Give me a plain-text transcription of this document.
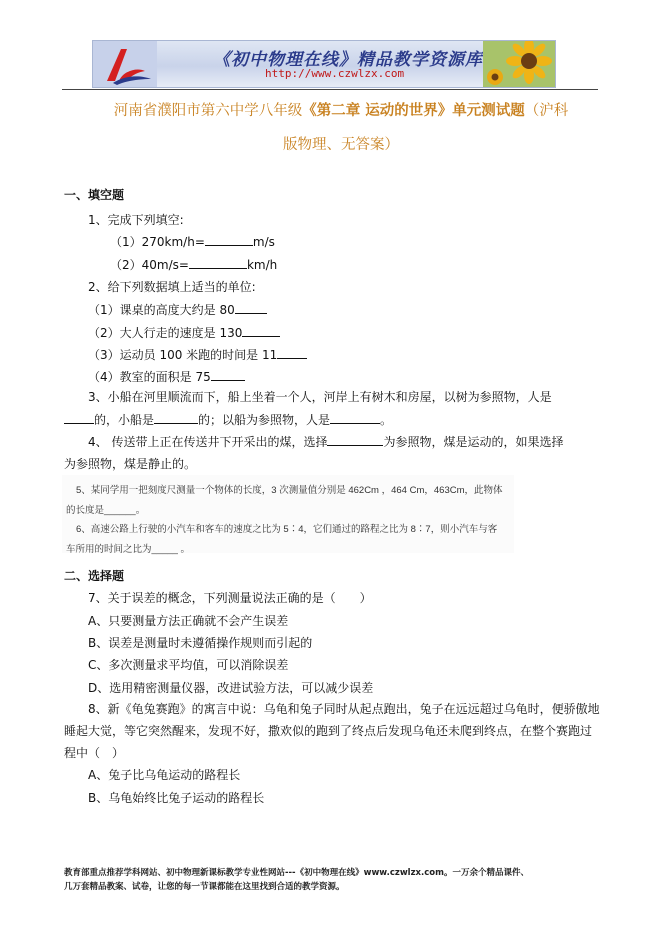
《初中物理在线》精品教学资源库
http://www.czwlzx.com
河南省濮阳市第六中学八年级《第二章 运动的世界》单元测试题（沪科
版物理、无答案）
一、填空题
1、完成下列填空:
（1）270km/h=	m/s
（2）40m/s=	km/h
2、给下列数据填上适当的单位:
（1）课桌的高度大约是 80
（2）大人行走的速度是 130
（3）运动员 100 米跑的时间是 11
（4）教室的面积是 75
3、小船在河里顺流而下，船上坐着一个人，河岸上有树木和房屋，以树为参照物，人是
的，小船是	的；以船为参照物，人是	。
4、 传送带上正在传送井下开采出的煤，选择	为参照物，煤是运动的，如果选择
为参照物，煤是静止的。
5、某同学用一把刻度尺测量一个物体的长度，3 次测量值分别是 462Cm ，464 Cm，463Cm，此物体
的长度是______。
6、高速公路上行驶的小汽车和客车的速度之比为 5∶4，它们通过的路程之比为 8∶7，则小汽车与客
车所用的时间之比为_____ 。
二、选择题
7、关于误差的概念，下列测量说法正确的是（　　）
A、只要测量方法正确就不会产生误差
B、误差是测量时未遵循操作规则而引起的
C、多次测量求平均值，可以消除误差
D、选用精密测量仪器，改进试验方法，可以减少误差
8、新《龟兔赛跑》的寓言中说：乌龟和兔子同时从起点跑出，兔子在远远超过乌龟时，便骄傲地
睡起大觉，等它突然醒来，发现不好，撒欢似的跑到了终点后发现乌龟还未爬到终点，在整个赛跑过
程中（　）
A、兔子比乌龟运动的路程长
B、乌龟始终比兔子运动的路程长
教育部重点推荐学科网站、初中物理新课标教学专业性网站---《初中物理在线》www.czwlzx.com。一万余个精品课件、
几万套精品教案、试卷，让您的每一节课都能在这里找到合适的教学资源。
